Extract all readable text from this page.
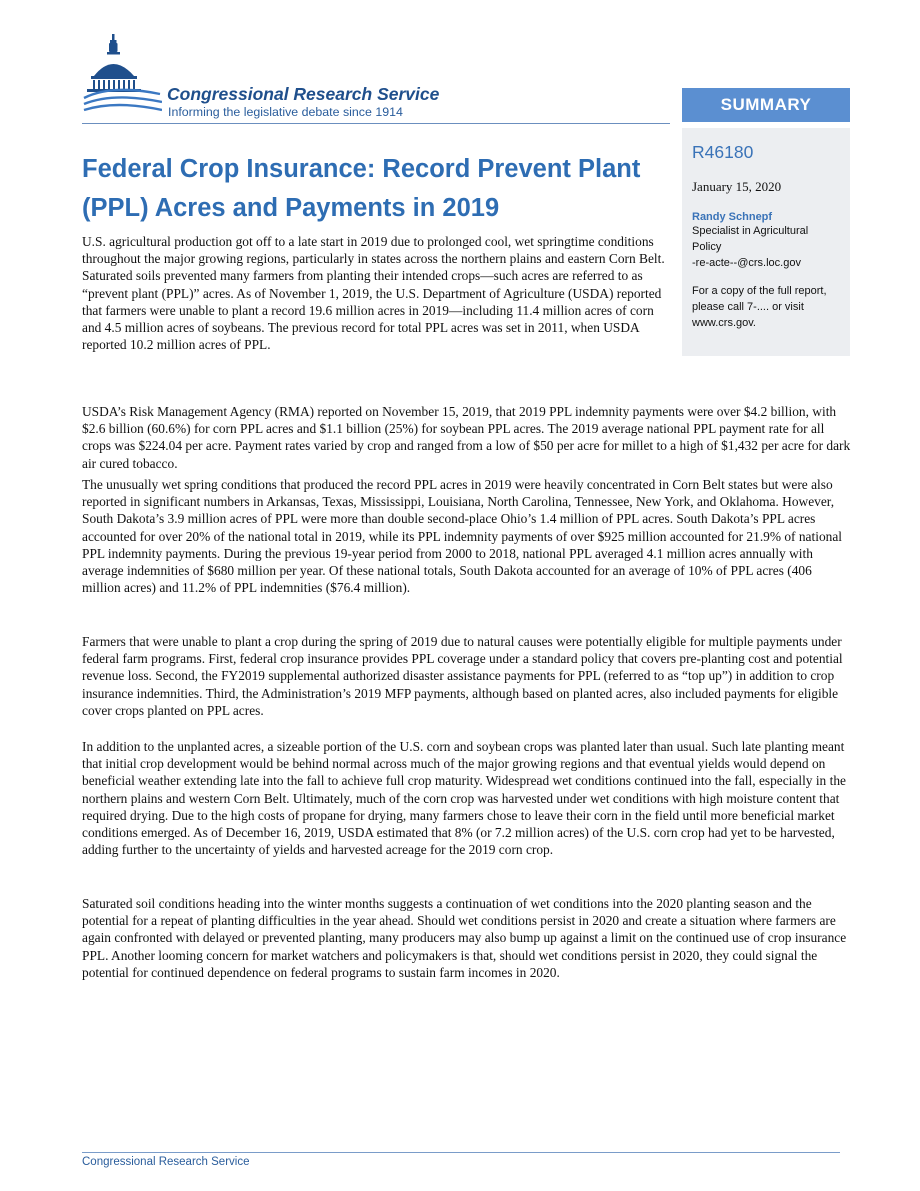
Congressional Research Service
Informing the legislative debate since 1914	SUMMARY
R46180
January 15, 2020
Randy Schnepf
Specialist in Agricultural
Policy
-re-acte--@crs.loc.gov
For a copy of the full report,
please call 7-.... or visit
www.crs.gov.
Federal Crop Insurance: Record Prevent Plant
(PPL) Acres and Payments in 2019

U.S. agricultural production got off to a late start in 2019 due to prolonged cool, wet springtime conditions throughout the major growing regions, particularly in states across the northern plains and eastern Corn Belt. Saturated soils prevented many farmers from planting their intended crops—such acres are referred to as “prevent plant (PPL)” acres. As of November 1, 2019, the U.S. Department of Agriculture (USDA) reported that farmers were unable to plant a record 19.6 million acres in 2019—including 11.4 million acres of corn and 4.5 million acres of soybeans. The previous record for total PPL acres was set in 2011, when USDA reported 10.2 million acres of PPL.

USDA’s Risk Management Agency (RMA) reported on November 15, 2019, that 2019 PPL indemnity payments were over $4.2 billion, with $2.6 billion (60.6%) for corn PPL acres and $1.1 billion (25%) for soybean PPL acres. The 2019 average national PPL payment rate for all crops was $224.04 per acre. Payment rates varied by crop and ranged from a low of $50 per acre for millet to a high of $1,432 per acre for dark air cured tobacco.

The unusually wet spring conditions that produced the record PPL acres in 2019 were heavily concentrated in Corn Belt states but were also reported in significant numbers in Arkansas, Texas, Mississippi, Louisiana, North Carolina, Tennessee, New York, and Oklahoma. However, South Dakota’s 3.9 million acres of PPL were more than double second-place Ohio’s 1.4 million of PPL acres. South Dakota’s PPL acres accounted for over 20% of the national total in 2019, while its PPL indemnity payments of over $925 million accounted for 21.9% of national PPL indemnity payments. During the previous 19-year period from 2000 to 2018, national PPL averaged 4.1 million acres annually with average indemnities of $680 million per year. Of these national totals, South Dakota accounted for an average of 10% of PPL acres (406 million acres) and 11.2% of PPL indemnities ($76.4 million).

Farmers that were unable to plant a crop during the spring of 2019 due to natural causes were potentially eligible for multiple payments under federal farm programs. First, federal crop insurance provides PPL coverage under a standard policy that covers pre-planting cost and potential revenue loss. Second, the FY2019 supplemental authorized disaster assistance payments for PPL (referred to as “top up”) in addition to crop insurance indemnities. Third, the Administration’s 2019 MFP payments, although based on planted acres, also included payments for eligible cover crops planted on PPL acres.

In addition to the unplanted acres, a sizeable portion of the U.S. corn and soybean crops was planted later than usual. Such late planting meant that initial crop development would be behind normal across much of the major growing regions and that eventual yields would depend on beneficial weather extending late into the fall to achieve full crop maturity. Widespread wet conditions continued into the fall, especially in the northern plains and western Corn Belt. Ultimately, much of the corn crop was harvested under wet conditions with high moisture content that required drying. Due to the high costs of propane for drying, many farmers chose to leave their corn in the field until more beneficial market conditions emerged. As of December 16, 2019, USDA estimated that 8% (or 7.2 million acres) of the U.S. corn crop had yet to be harvested, adding further to the uncertainty of yields and harvested acreage for the 2019 corn crop.

Saturated soil conditions heading into the winter months suggests a continuation of wet conditions into the 2020 planting season and the potential for a repeat of planting difficulties in the year ahead. Should wet conditions persist in 2020 and create a situation where farmers are again confronted with delayed or prevented planting, many producers may also bump up against a limit on the continued use of crop insurance PPL. Another looming concern for market watchers and policymakers is that, should wet conditions persist in 2020, they could signal the potential for continued dependence on federal programs to sustain farm incomes in 2020.

Congressional Research Service
